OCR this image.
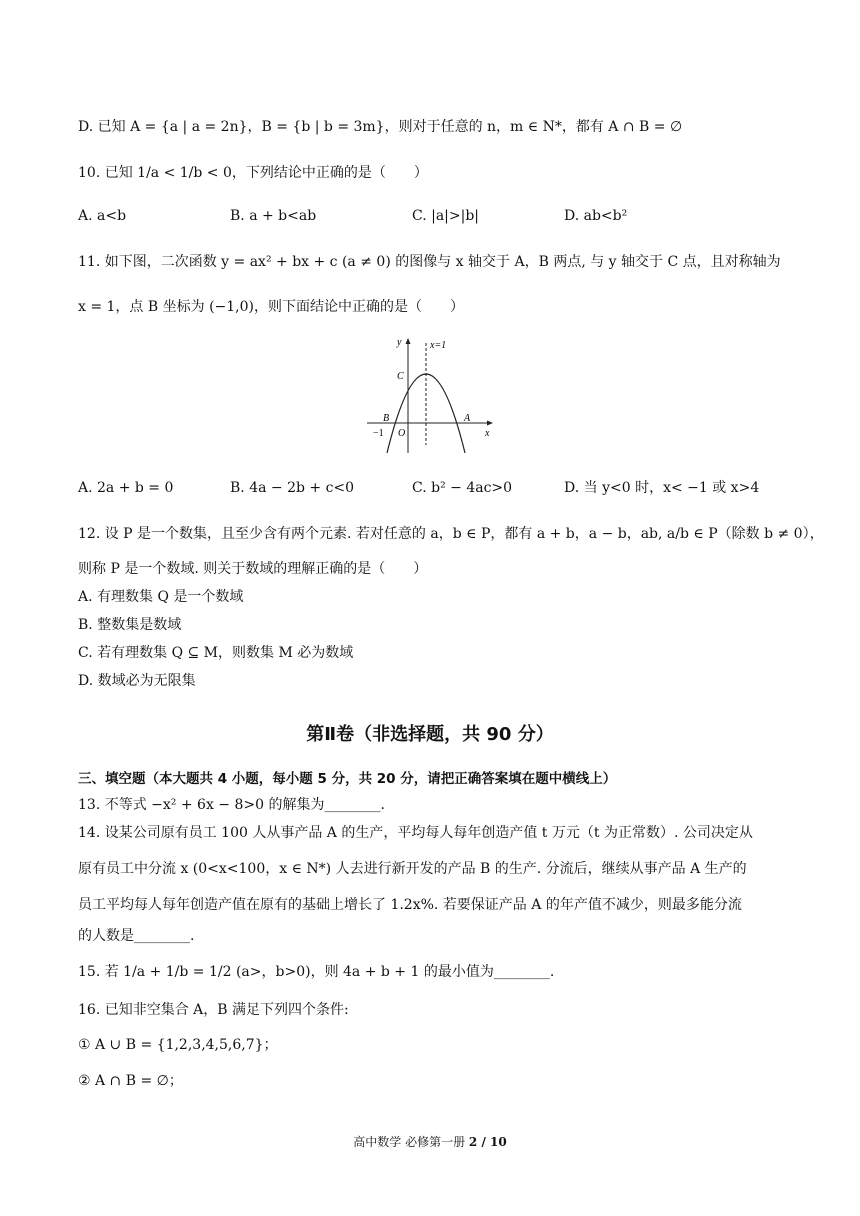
D. 已知 A = {a | a = 2n}，B = {b | b = 3m}，则对于任意的 n，m ∈ N*，都有 A ∩ B = ∅
10. 已知 1/a < 1/b < 0，下列结论中正确的是（　　）
A. a<b	B. a + b<ab	C. |a|>|b|	D. ab<b²
11. 如下图，二次函数 y = ax² + bx + c (a ≠ 0) 的图像与 x 轴交于 A，B 两点, 与 y 轴交于 C 点，且对称轴为
x = 1，点 B 坐标为 (−1,0)，则下面结论中正确的是（　　）
y
x
x=1
C
B	A
O
−1
A. 2a + b = 0	B. 4a − 2b + c<0	C. b² − 4ac>0	D. 当 y<0 时，x< −1 或 x>4
12. 设 P 是一个数集，且至少含有两个元素. 若对任意的 a，b ∈ P，都有 a + b，a − b，ab, a/b ∈ P（除数 b ≠ 0），
则称 P 是一个数域. 则关于数域的理解正确的是（　　）
A. 有理数集 Q 是一个数域
B. 整数集是数域
C. 若有理数集 Q ⊆ M，则数集 M 必为数域
D. 数域必为无限集
第Ⅱ卷（非选择题，共 90 分）
三、填空题（本大题共 4 小题，每小题 5 分，共 20 分，请把正确答案填在题中横线上）
13. 不等式 −x² + 6x − 8>0 的解集为________.
14. 设某公司原有员工 100 人从事产品 A 的生产，平均每人每年创造产值 t 万元（t 为正常数）. 公司决定从
原有员工中分流 x (0<x<100，x ∈ N*) 人去进行新开发的产品 B 的生产. 分流后，继续从事产品 A 生产的
员工平均每人每年创造产值在原有的基础上增长了 1.2x%. 若要保证产品 A 的年产值不减少，则最多能分流
的人数是________.
15. 若 1/a + 1/b = 1/2 (a>，b>0)，则 4a + b + 1 的最小值为________.
16. 已知非空集合 A，B 满足下列四个条件:
① A ∪ B = {1,2,3,4,5,6,7}；
② A ∩ B = ∅；
高中数学 必修第一册 2 / 10
